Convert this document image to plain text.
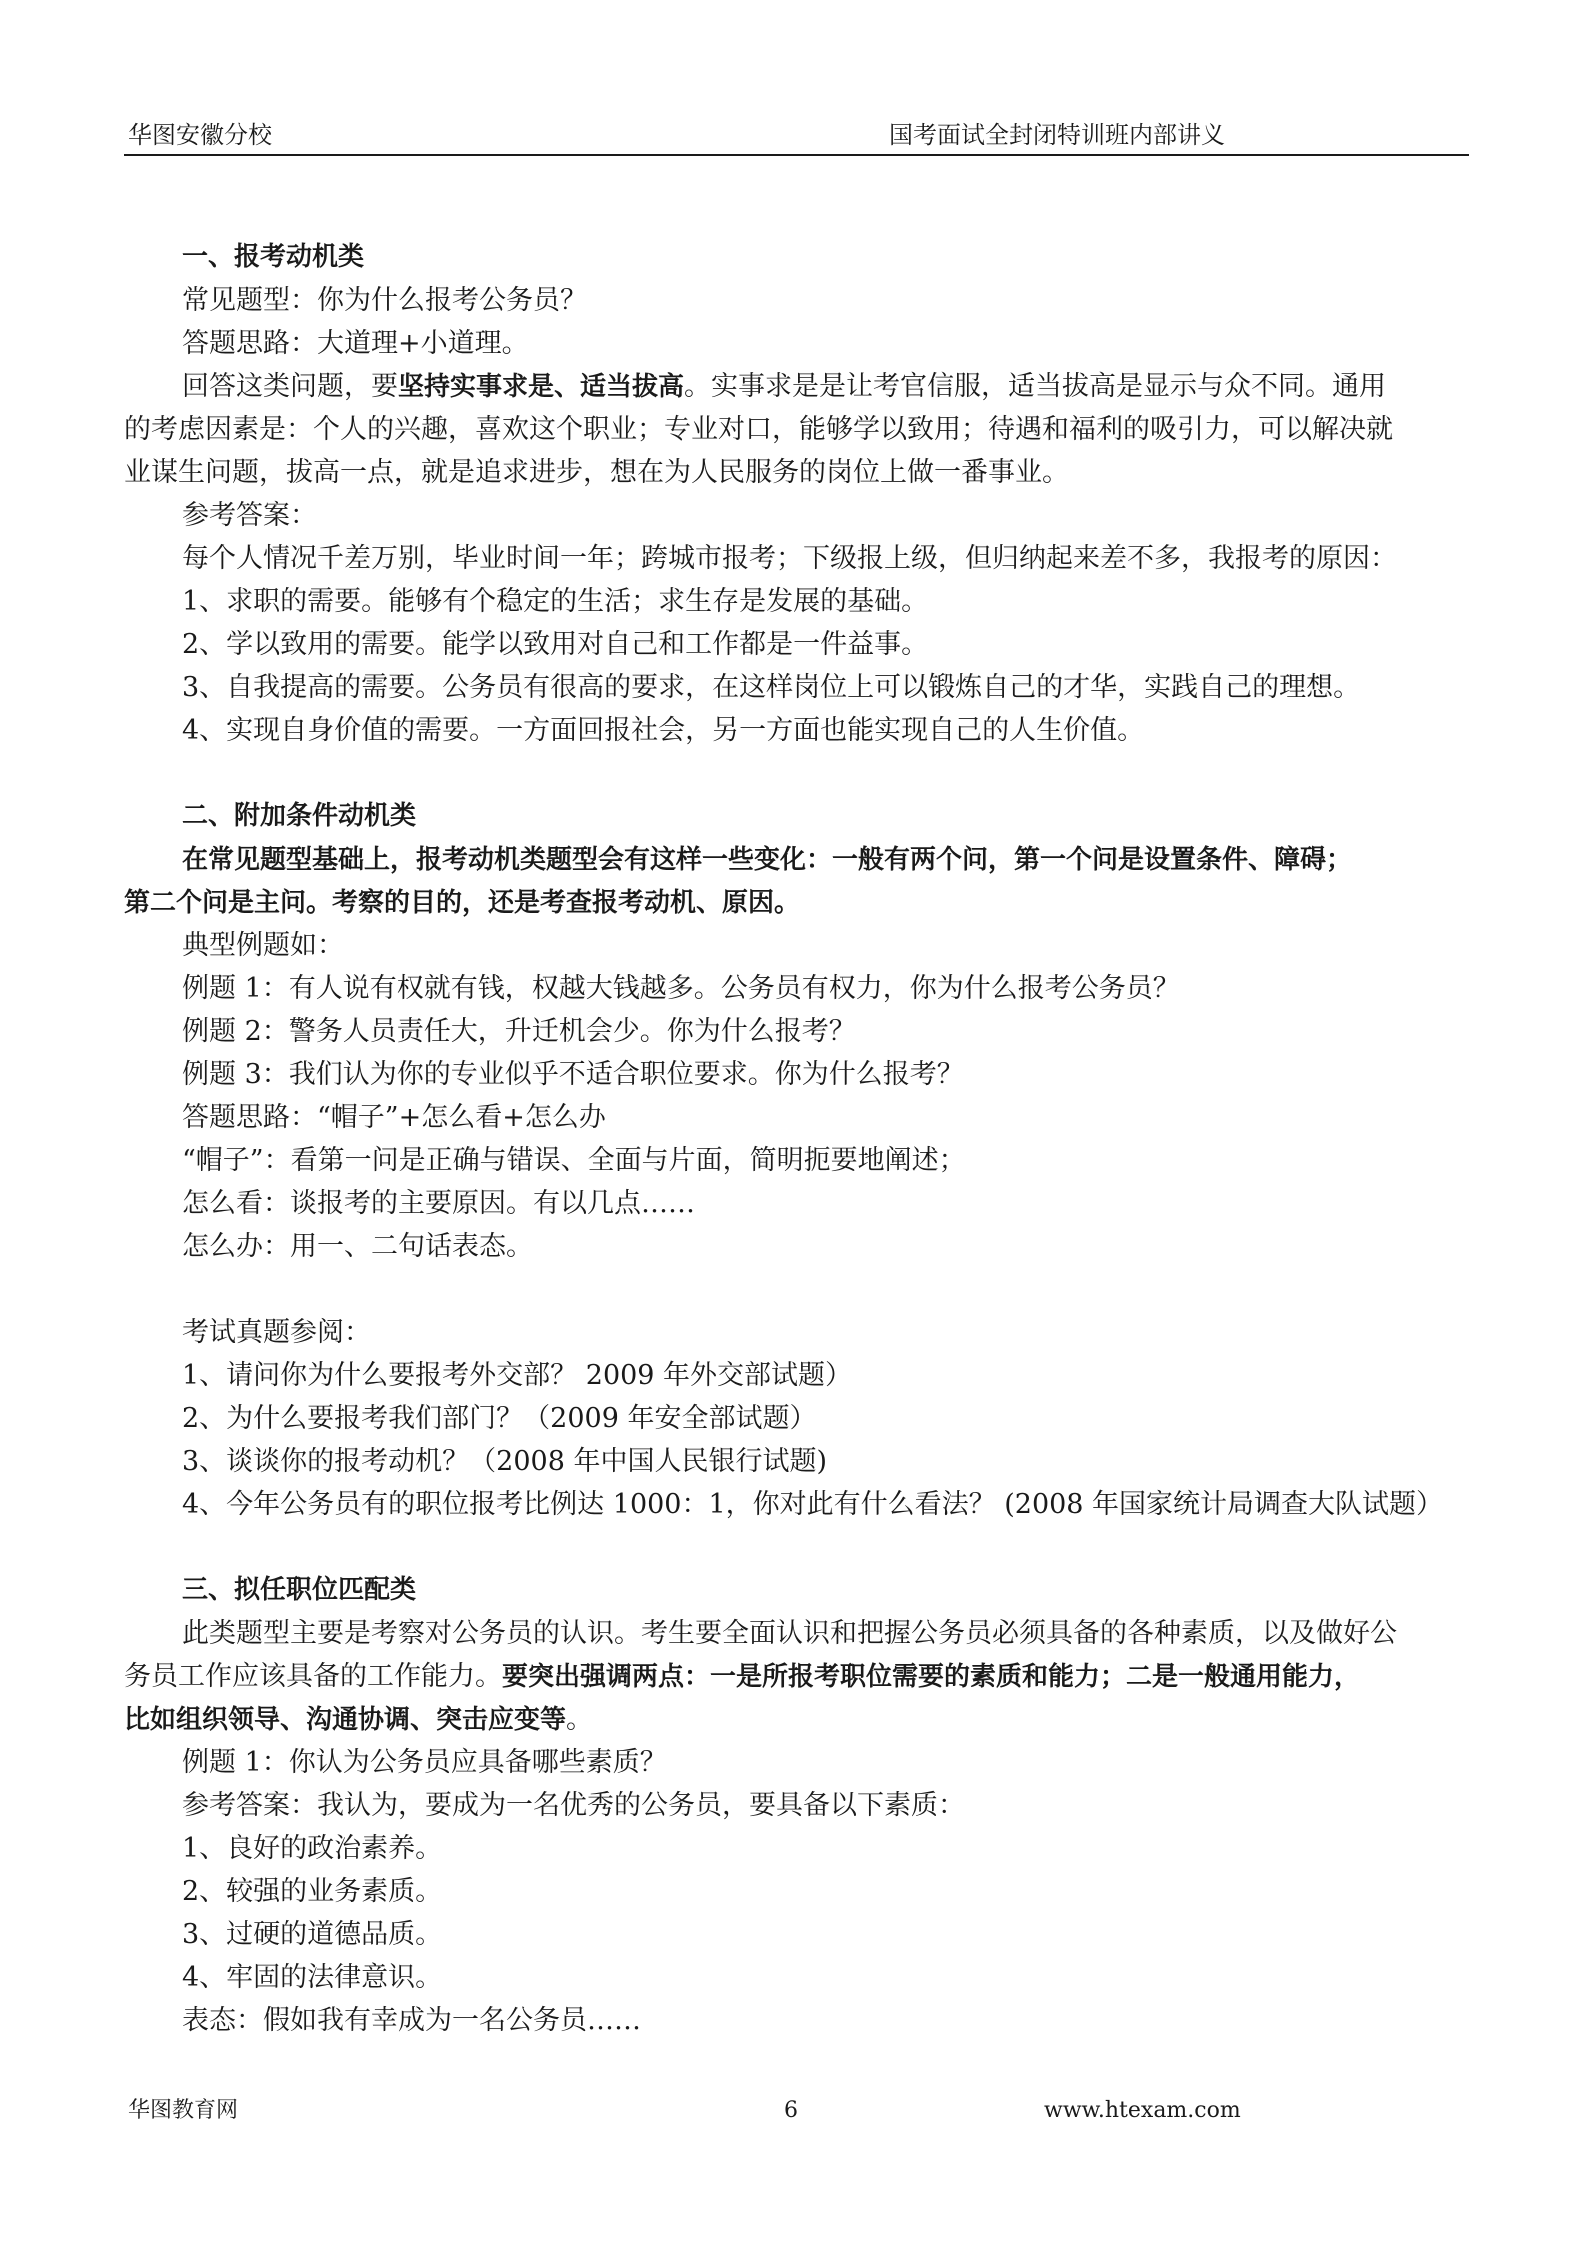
华图安徽分校	国考面试全封闭特训班内部讲义
一、报考动机类
常见题型：你为什么报考公务员？
答题思路：大道理+小道理。
回答这类问题，要坚持实事求是、适当拔高。实事求是是让考官信服，适当拔高是显示与众不同。通用
的考虑因素是：个人的兴趣，喜欢这个职业；专业对口，能够学以致用；待遇和福利的吸引力，可以解决就
业谋生问题，拔高一点，就是追求进步，想在为人民服务的岗位上做一番事业。
参考答案：
每个人情况千差万别，毕业时间一年；跨城市报考；下级报上级，但归纳起来差不多，我报考的原因：
1、求职的需要。能够有个稳定的生活；求生存是发展的基础。
2、学以致用的需要。能学以致用对自己和工作都是一件益事。
3、自我提高的需要。公务员有很高的要求，在这样岗位上可以锻炼自己的才华，实践自己的理想。
4、实现自身价值的需要。一方面回报社会，另一方面也能实现自己的人生价值。
二、附加条件动机类
在常见题型基础上，报考动机类题型会有这样一些变化：一般有两个问，第一个问是设置条件、障碍；
第二个问是主问。考察的目的，还是考查报考动机、原因。
典型例题如：
例题 1：有人说有权就有钱，权越大钱越多。公务员有权力，你为什么报考公务员？
例题 2：警务人员责任大，升迁机会少。你为什么报考？
例题 3：我们认为你的专业似乎不适合职位要求。你为什么报考？
答题思路：“帽子”+怎么看+怎么办
“帽子”：看第一问是正确与错误、全面与片面，简明扼要地阐述；
怎么看：谈报考的主要原因。有以几点……
怎么办：用一、二句话表态。
考试真题参阅：
1、请问你为什么要报考外交部？ 2009 年外交部试题）
2、为什么要报考我们部门？（2009 年安全部试题）
3、谈谈你的报考动机？（2008 年中国人民银行试题)
4、今年公务员有的职位报考比例达 1000：1，你对此有什么看法？ (2008 年国家统计局调查大队试题）
三、拟任职位匹配类
此类题型主要是考察对公务员的认识。考生要全面认识和把握公务员必须具备的各种素质，以及做好公
务员工作应该具备的工作能力。要突出强调两点：一是所报考职位需要的素质和能力；二是一般通用能力，
比如组织领导、沟通协调、突击应变等。
例题 1：你认为公务员应具备哪些素质？
参考答案：我认为，要成为一名优秀的公务员，要具备以下素质：
1、良好的政治素养。
2、较强的业务素质。
3、过硬的道德品质。
4、牢固的法律意识。
表态：假如我有幸成为一名公务员……
华图教育网	6	www.htexam.com
